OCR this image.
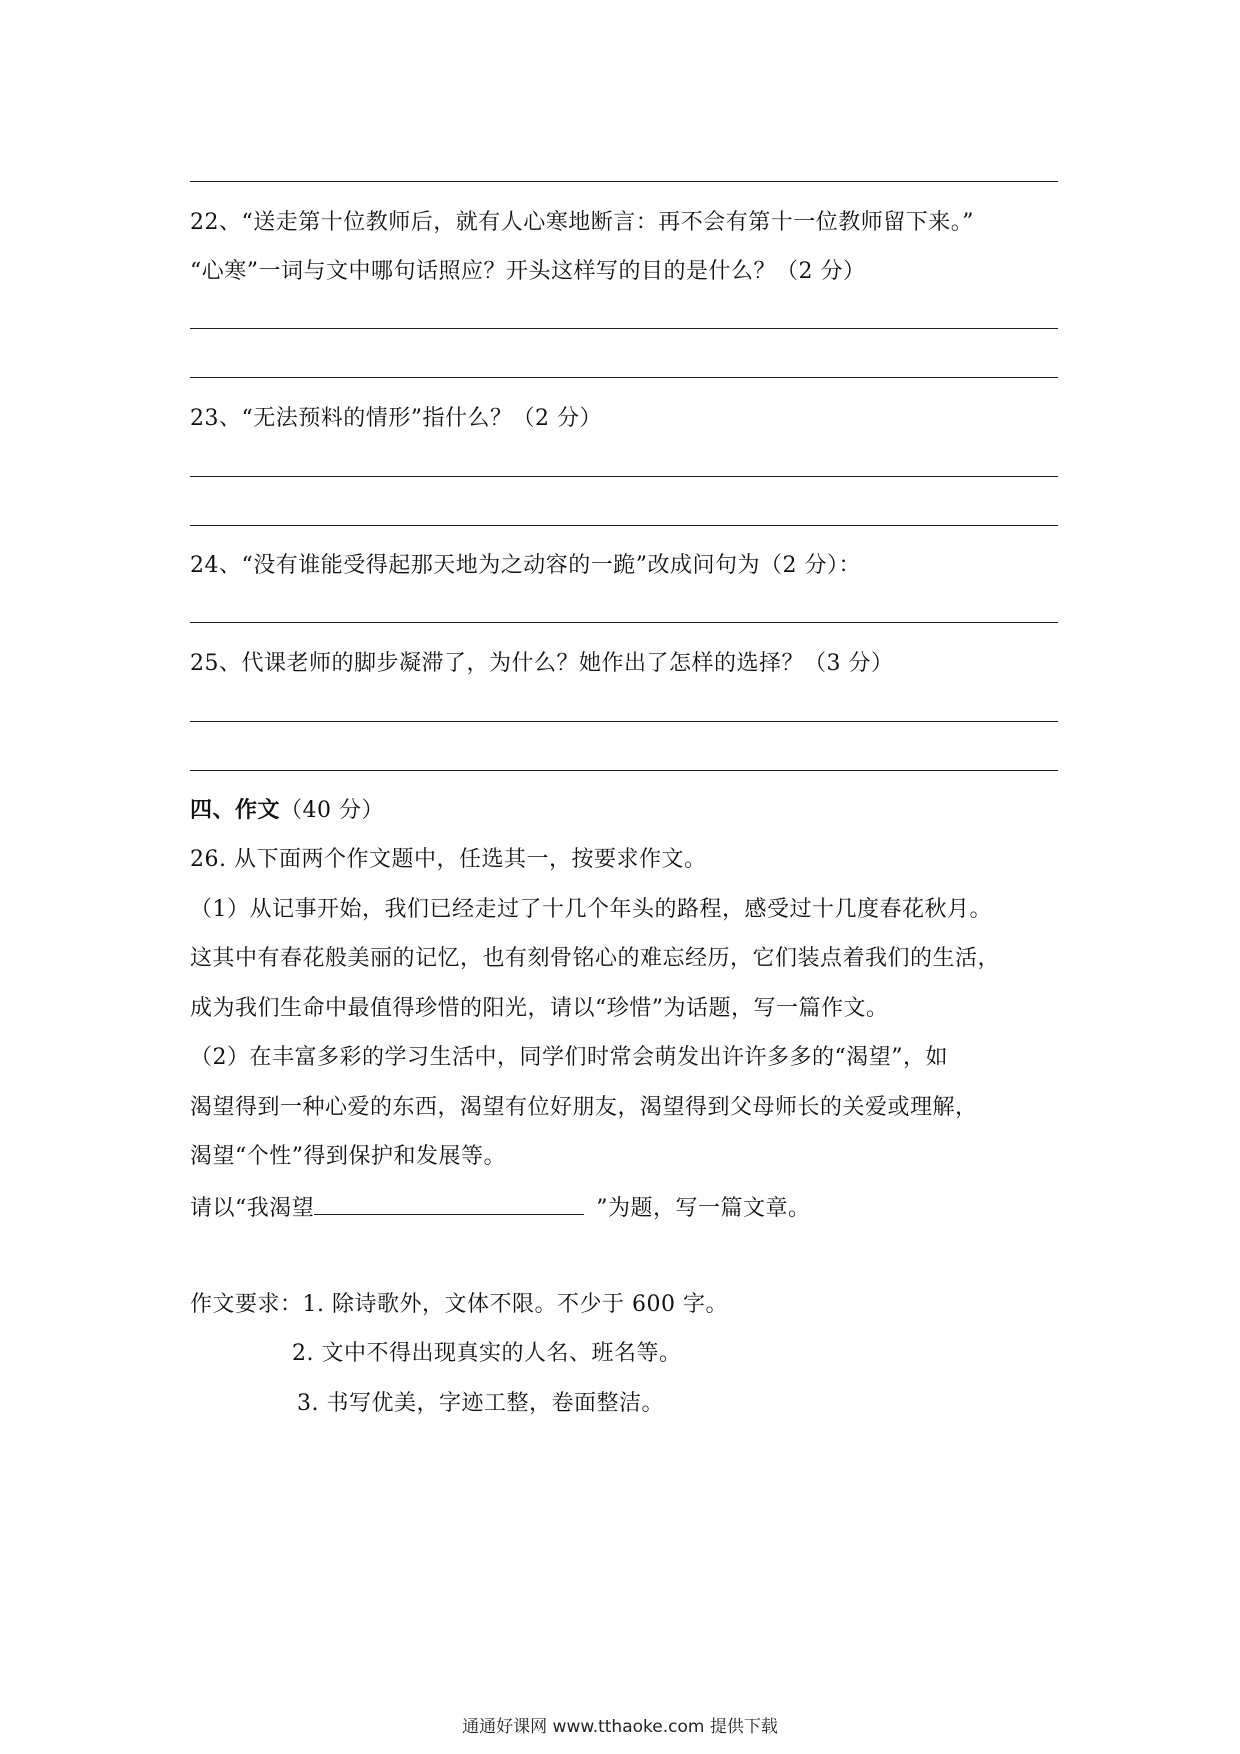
22、“送走第十位教师后，就有人心寒地断言：再不会有第十一位教师留下来。”
“心寒”一词与文中哪句话照应？开头这样写的目的是什么？（2 分）
23、“无法预料的情形”指什么？（2 分）
24、“没有谁能受得起那天地为之动容的一跪”改成问句为（2 分）：
25、代课老师的脚步凝滞了，为什么？她作出了怎样的选择？（3 分）
四、作文（40 分）
26. 从下面两个作文题中，任选其一，按要求作文。
（1）从记事开始，我们已经走过了十几个年头的路程，感受过十几度春花秋月。
这其中有春花般美丽的记忆，也有刻骨铭心的难忘经历，它们装点着我们的生活，
成为我们生命中最值得珍惜的阳光，请以“珍惜”为话题，写一篇作文。
（2）在丰富多彩的学习生活中，同学们时常会萌发出许许多多的“渴望”，如
渴望得到一种心爱的东西，渴望有位好朋友，渴望得到父母师长的关爱或理解，
渴望“个性”得到保护和发展等。
请以“我渴望	”为题，写一篇文章。
作文要求：1. 除诗歌外，文体不限。不少于 600 字。
2. 文中不得出现真实的人名、班名等。
3. 书写优美，字迹工整，卷面整洁。
通通好课网 www.tthaoke.com 提供下载
